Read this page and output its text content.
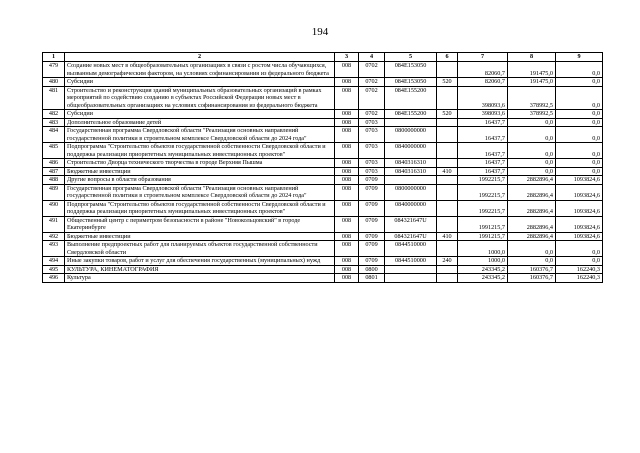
194
1	2	3	4	5	6	7	8	9
479	Создание новых мест в общеобразовательных организациях в связи с ростом числа обучающихся, вызванным демографическим фактором, на условиях софинансирования из федерального бюджета	008	0702	084E153050		82060,7	191475,0	0,0
480	Субсидии	008	0702	084E153050	520	82060,7	191475,0	0,0
481	Строительство и реконструкция зданий муниципальных образовательных организаций в рамках мероприятий по содействию созданию в субъектах Российской Федерации новых мест в общеобразовательных организациях на условиях софинансирования из федерального бюджета	008	0702	084E155200		398093,6	378992,5	0,0
482	Субсидии	008	0702	084E155200	520	398093,6	378992,5	0,0
483	Дополнительное образование детей	008	0703			16437,7	0,0	0,0
484	Государственная программа Свердловской области "Реализация основных направлений государственной политики в строительном комплексе Свердловской области до 2024 года"	008	0703	0800000000		16437,7	0,0	0,0
485	Подпрограмма "Строительство объектов государственной собственности Свердловской области и поддержка реализации приоритетных муниципальных инвестиционных проектов"	008	0703	0840000000		16437,7	0,0	0,0
486	Строительство Дворца технического творчества в городе Верхняя Пышма	008	0703	0840316310		16437,7	0,0	0,0
487	Бюджетные инвестиции	008	0703	0840316310	410	16437,7	0,0	0,0
488	Другие вопросы в области образования	008	0709			1992215,7	2882896,4	1093824,6
489	Государственная программа Свердловской области "Реализация основных направлений государственной политики в строительном комплексе Свердловской области до 2024 года"	008	0709	0800000000		1992215,7	2882896,4	1093824,6
490	Подпрограмма "Строительство объектов государственной собственности Свердловской области и поддержка реализации приоритетных муниципальных инвестиционных проектов"	008	0709	0840000000		1992215,7	2882896,4	1093824,6
491	Общественный центр с периметром безопасности в районе "Новокольцовский" в городе Екатеринбурге	008	0709	084321647U		1991215,7	2882896,4	1093824,6
492	Бюджетные инвестиции	008	0709	084321647U	410	1991215,7	2882896,4	1093824,6
493	Выполнение предпроектных работ для планируемых объектов государственной собственности Свердловской области	008	0709	0844510000		1000,0	0,0	0,0
494	Иные закупки товаров, работ и услуг для обеспечения государственных (муниципальных) нужд	008	0709	0844510000	240	1000,0	0,0	0,0
495	КУЛЬТУРА, КИНЕМАТОГРАФИЯ	008	0800			243345,2	160376,7	162240,3
496	Культура	008	0801			243345,2	160376,7	162240,3
